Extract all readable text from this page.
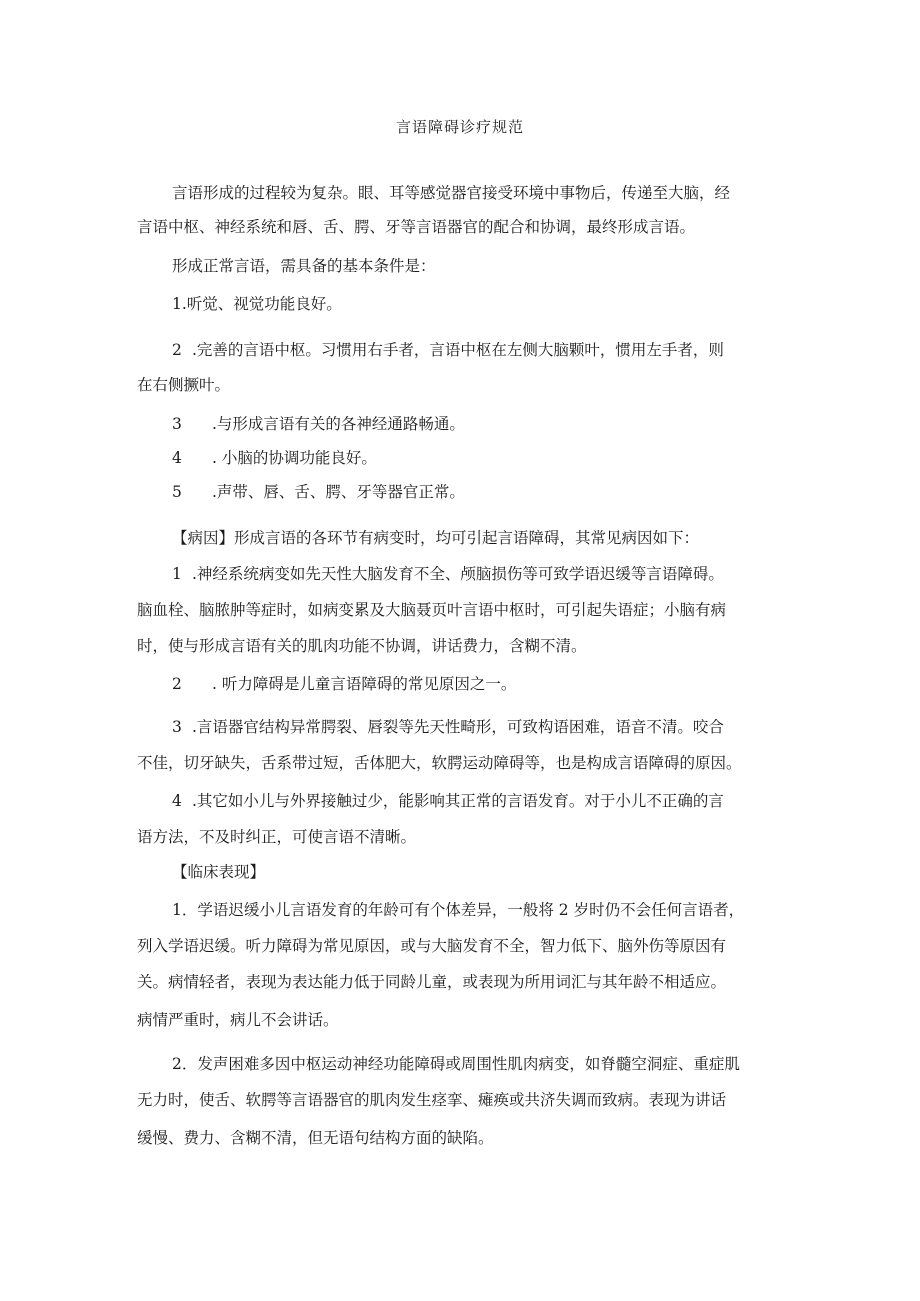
言语障碍诊疗规范
言语形成的过程较为复杂。眼、耳等感觉器官接受环境中事物后，传递至大脑，经
言语中枢、神经系统和唇、舌、腭、牙等言语器官的配合和协调，最终形成言语。
形成正常言语，需具备的基本条件是：
1.听觉、视觉功能良好。
2 .完善的言语中枢。习惯用右手者，言语中枢在左侧大脑颗叶，惯用左手者，则
在右侧撅叶。
3 .与形成言语有关的各神经通路畅通。
4 . 小脑的协调功能良好。
5 .声带、唇、舌、腭、牙等器官正常。
【病因】形成言语的各环节有病变时，均可引起言语障碍，其常见病因如下：
1 .神经系统病变如先天性大脑发育不全、颅脑损伤等可致学语迟缓等言语障碍。
脑血栓、脑脓肿等症时，如病变累及大脑聂页叶言语中枢时，可引起失语症；小脑有病
时，使与形成言语有关的肌肉功能不协调，讲话费力，含糊不清。
2 . 听力障碍是儿童言语障碍的常见原因之一。
3 .言语器官结构异常腭裂、唇裂等先天性畸形，可致构语困难，语音不清。咬合
不佳，切牙缺失，舌系带过短，舌体肥大，软腭运动障碍等，也是构成言语障碍的原因。
4 .其它如小儿与外界接触过少，能影响其正常的言语发育。对于小儿不正确的言
语方法，不及时纠正，可使言语不清晰。
【临床表现】
1．学语迟缓小儿言语发育的年龄可有个体差异，一般将 2 岁时仍不会任何言语者，
列入学语迟缓。听力障碍为常见原因，或与大脑发育不全，智力低下、脑外伤等原因有
关。病情轻者，表现为表达能力低于同龄儿童，或表现为所用词汇与其年龄不相适应。
病情严重时，病儿不会讲话。
2．发声困难多因中枢运动神经功能障碍或周围性肌肉病变，如脊髓空洞症、重症肌
无力时，使舌、软腭等言语器官的肌肉发生痉挛、瘫痪或共济失调而致病。表现为讲话
缓慢、费力、含糊不清，但无语句结构方面的缺陷。
